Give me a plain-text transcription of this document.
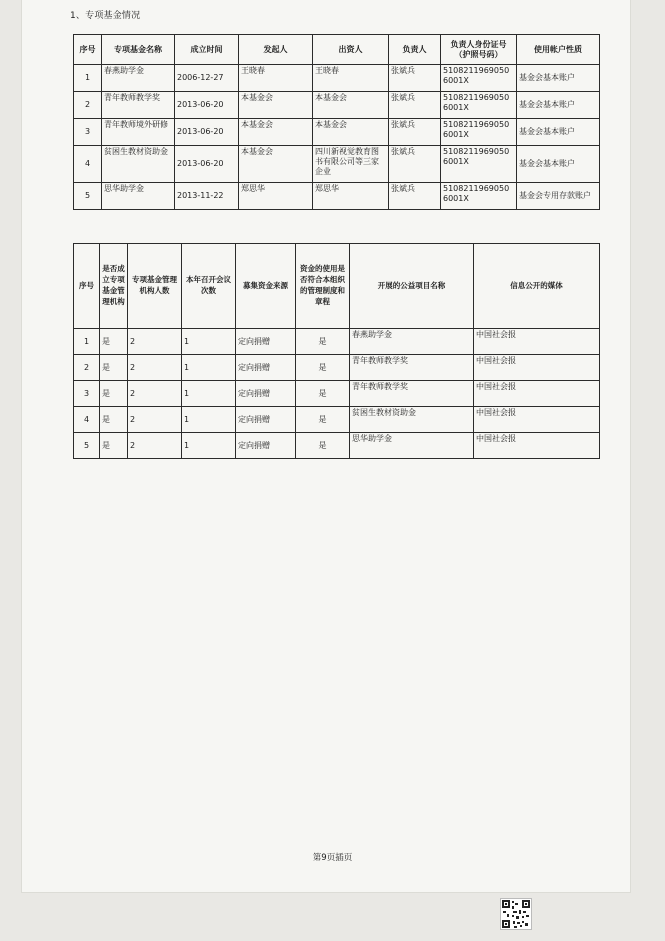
1、专项基金情况
序号	专项基金名称	成立时间	发起人	出资人	负责人	负责人身份证号（护照号码）	使用帐户性质
1	春燕助学金	2006-12-27	王晓春	王晓春	张斌兵	51082119690506001X	基金会基本账户
2	青年教师教学奖	2013-06-20	本基金会	本基金会	张斌兵	51082119690506001X	基金会基本账户
3	青年教师境外研修	2013-06-20	本基金会	本基金会	张斌兵	51082119690506001X	基金会基本账户
4	贫困生教材资助金	2013-06-20	本基金会	四川新视觉教育图书有限公司等三家企业	张斌兵	51082119690506001X	基金会基本账户
5	思华助学金	2013-11-22	郑思华	郑思华	张斌兵	51082119690506001X	基金会专用存款账户
序号	是否成立专项基金管理机构	专项基金管理机构人数	本年召开会议次数	募集资金来源	资金的使用是否符合本组织的管理制度和章程	开展的公益项目名称	信息公开的媒体
1	是	2	1	定向捐赠	是	春燕助学金	中国社会报
2	是	2	1	定向捐赠	是	青年教师教学奖	中国社会报
3	是	2	1	定向捐赠	是	青年教师教学奖	中国社会报
4	是	2	1	定向捐赠	是	贫困生教材资助金	中国社会报
5	是	2	1	定向捐赠	是	思华助学金	中国社会报
第9页插页
